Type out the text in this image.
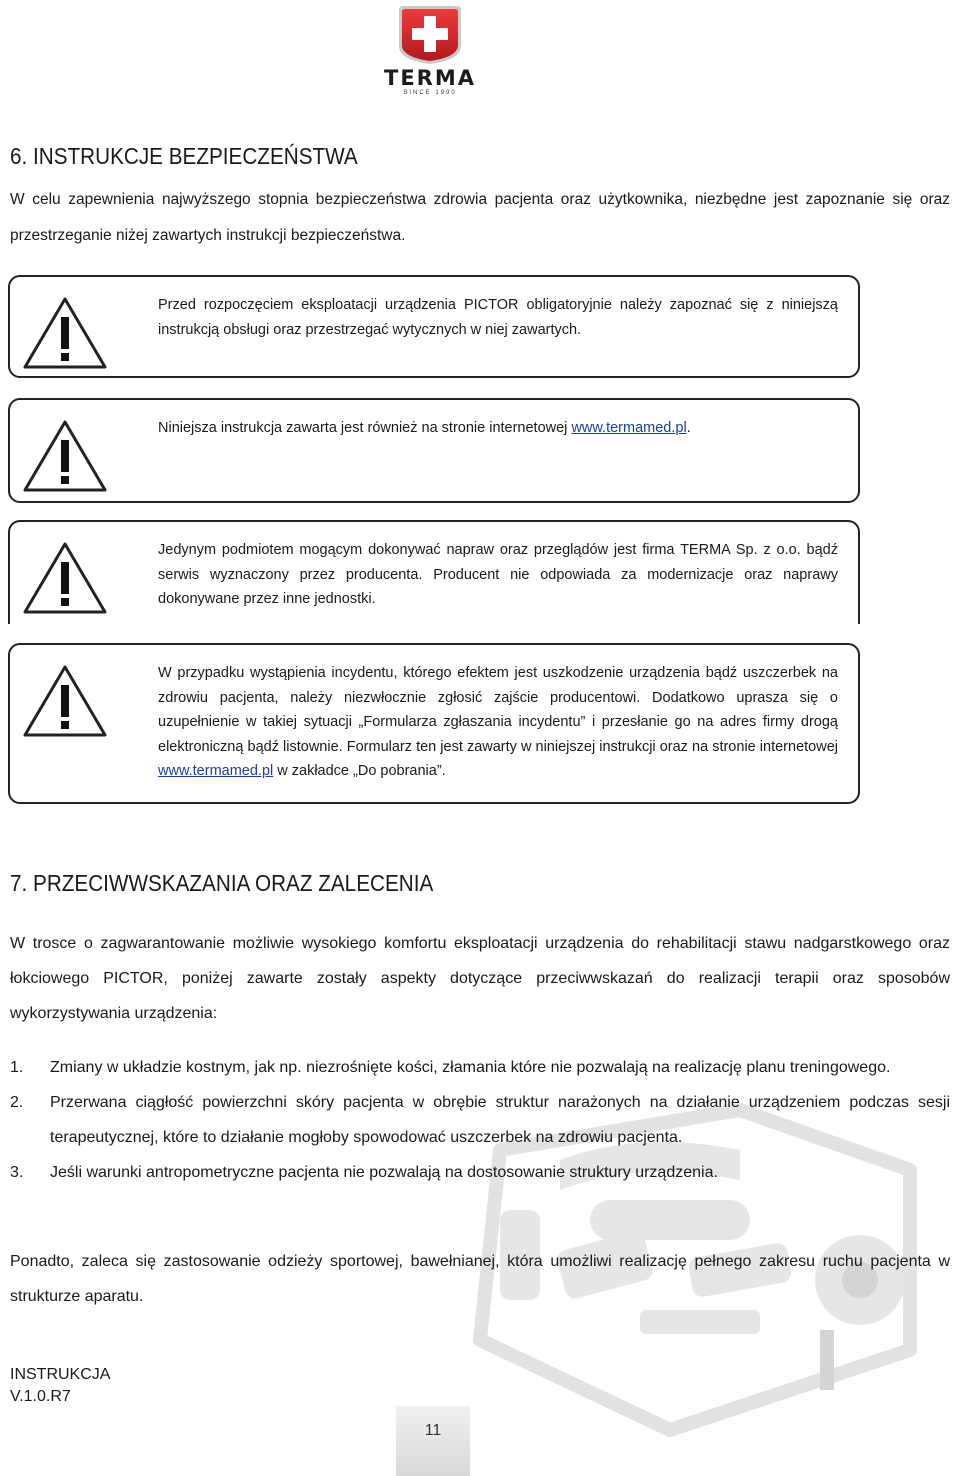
TERMA
SINCE 1990
6. INSTRUKCJE BEZPIECZEŃSTWA

W celu zapewnienia najwyższego stopnia bezpieczeństwa zdrowia pacjenta oraz użytkownika, niezbędne jest zapoznanie się oraz przestrzeganie niżej zawartych instrukcji bezpieczeństwa.

Przed rozpoczęciem eksploatacji urządzenia PICTOR obligatoryjnie należy zapoznać się z niniejszą instrukcją obsługi oraz przestrzegać wytycznych w niej zawartych.
Niniejsza instrukcja zawarta jest również na stronie internetowej www.termamed.pl.
Jedynym podmiotem mogącym dokonywać napraw oraz przeglądów jest firma TERMA Sp. z o.o. bądź serwis wyznaczony przez producenta. Producent nie odpowiada za modernizacje oraz naprawy dokonywane przez inne jednostki.
W przypadku wystąpienia incydentu, którego efektem jest uszkodzenie urządzenia bądź uszczerbek na zdrowiu pacjenta, należy niezwłocznie zgłosić zajście producentowi. Dodatkowo uprasza się o uzupełnienie w takiej sytuacji „Formularza zgłaszania incydentu” i przesłanie go na adres firmy drogą elektroniczną bądź listownie. Formularz ten jest zawarty w niniejszej instrukcji oraz na stronie internetowej www.termamed.pl w zakładce „Do pobrania”.
7. PRZECIWWSKAZANIA ORAZ ZALECENIA

W trosce o zagwarantowanie możliwie wysokiego komfortu eksploatacji urządzenia do rehabilitacji stawu nadgarstkowego oraz łokciowego PICTOR, poniżej zawarte zostały aspekty dotyczące przeciwwskazań do realizacji terapii oraz sposobów wykorzystywania urządzenia:

1. Zmiany w układzie kostnym, jak np. niezrośnięte kości, złamania które nie pozwalają na realizację planu treningowego.
2. Przerwana ciągłość powierzchni skóry pacjenta w obrębie struktur narażonych na działanie urządzeniem podczas sesji terapeutycznej, które to działanie mogłoby spowodować uszczerbek na zdrowiu pacjenta.
3. Jeśli warunki antropometryczne pacjenta nie pozwalają na dostosowanie struktury urządzenia.

Ponadto, zaleca się zastosowanie odzieży sportowej, bawełnianej, która umożliwi realizację pełnego zakresu ruchu pacjenta w strukturze aparatu.

INSTRUKCJA
V.1.0.R7
11
